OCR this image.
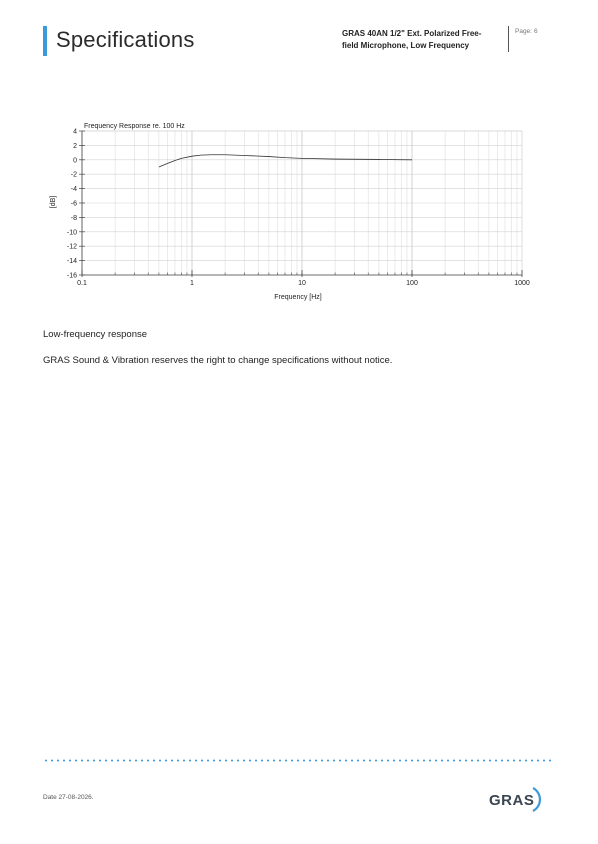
Specifications	GRAS 40AN 1/2" Ext. Polarized Free-field Microphone, Low Frequency
Page: 6
4
2
0
-2
-4
-6
-8
-10
-12
-14
-16
0.1	1	10	100	1000
Frequency Response re. 100 Hz
Frequency [Hz]
[dB]
Low-frequency response
GRAS Sound & Vibration reserves the right to change specifications without notice.
Date 27-08-2026.	GRAS
